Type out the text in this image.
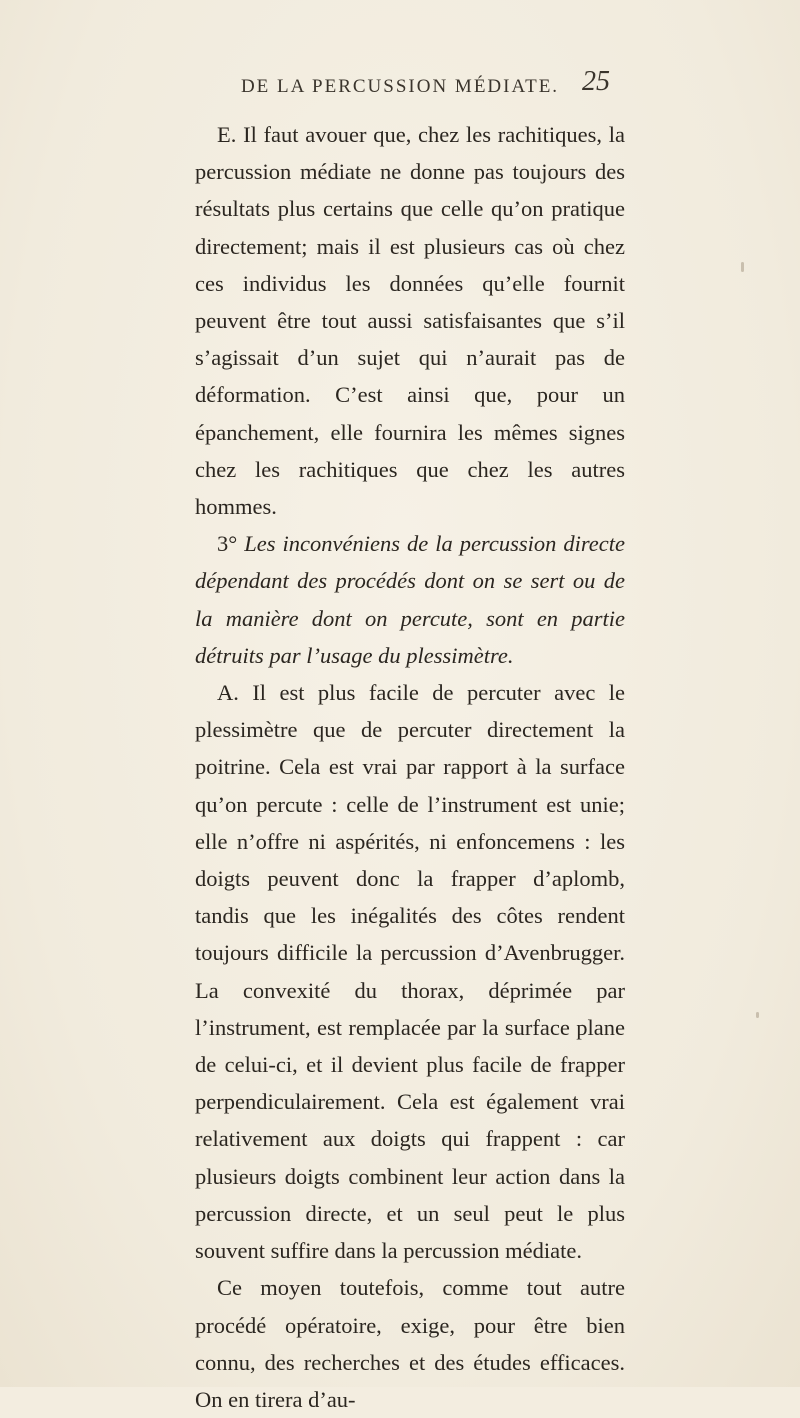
DE LA PERCUSSION MÉDIATE. 25

E. Il faut avouer que, chez les rachitiques, la percussion médiate ne donne pas toujours des résultats plus certains que celle qu’on pratique directement; mais il est plusieurs cas où chez ces individus les données qu’elle fournit peuvent être tout aussi satisfaisantes que s’il s’agissait d’un sujet qui n’aurait pas de déformation. C’est ainsi que, pour un épanchement, elle fournira les mêmes signes chez les rachitiques que chez les autres hommes.

3° Les inconvéniens de la percussion directe dépendant des procédés dont on se sert ou de la manière dont on percute, sont en partie détruits par l’usage du plessimètre.

A. Il est plus facile de percuter avec le plessimètre que de percuter directement la poitrine. Cela est vrai par rapport à la surface qu’on percute : celle de l’instrument est unie; elle n’offre ni aspérités, ni enfoncemens : les doigts peuvent donc la frapper d’aplomb, tandis que les inégalités des côtes rendent toujours difficile la percussion d’Avenbrugger. La convexité du thorax, déprimée par l’instrument, est remplacée par la surface plane de celui-ci, et il devient plus facile de frapper perpendiculairement. Cela est également vrai relativement aux doigts qui frappent : car plusieurs doigts combinent leur action dans la percussion directe, et un seul peut le plus souvent suffire dans la percussion médiate.

Ce moyen toutefois, comme tout autre procédé opératoire, exige, pour être bien connu, des recherches et des études efficaces. On en tirera d’au-
